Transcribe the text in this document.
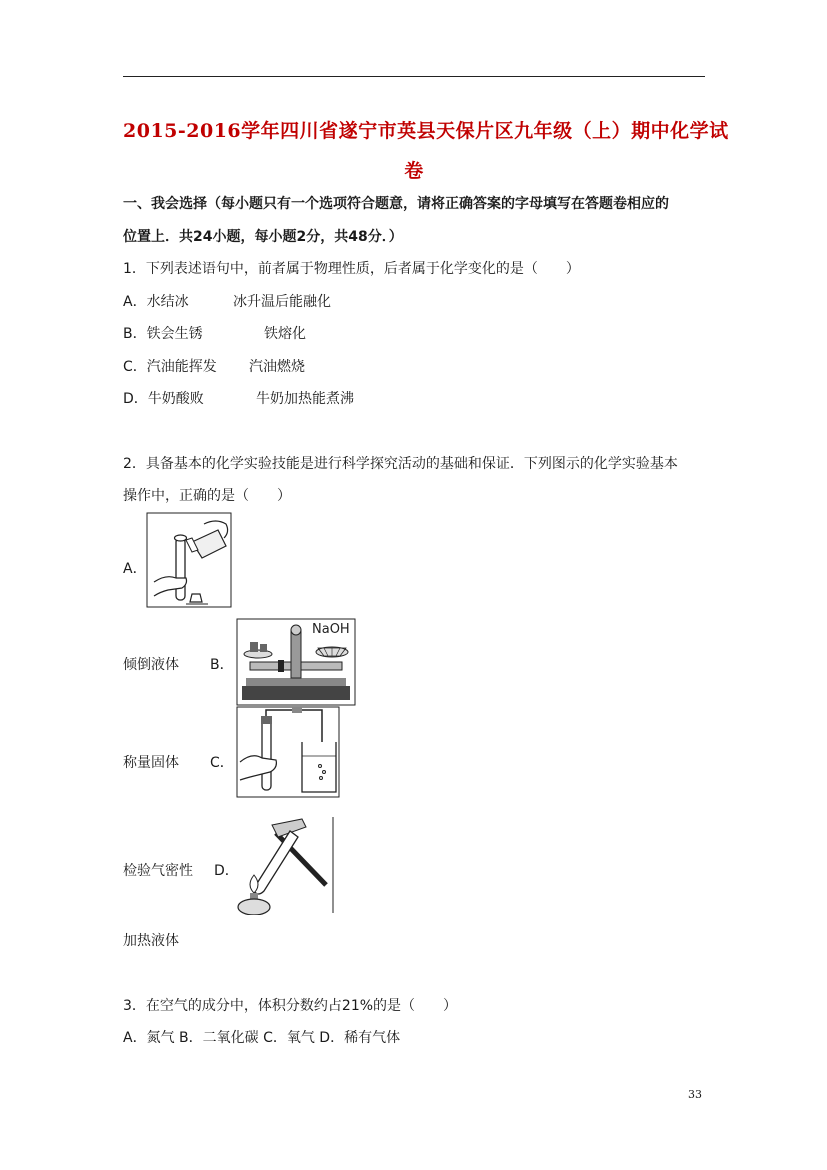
2015-2016学年四川省遂宁市英县天保片区九年级（上）期中化学试
卷
一、我会选择（每小题只有一个选项符合题意，请将正确答案的字母填写在答题卷相应的
位置上．共24小题，每小题2分，共48分．）
1．下列表述语句中，前者属于物理性质，后者属于化学变化的是（　　）
A．水结冰	冰升温后能融化
B．铁会生锈	铁熔化
C．汽油能挥发 汽油燃烧
D．牛奶酸败	牛奶加热能煮沸
2．具备基本的化学实验技能是进行科学探究活动的基础和保证．下列图示的化学实验基本
操作中，正确的是（　　）
A．
倾倒液体 B．
NaOH
称量固体 C．
检验气密性 D．
加热液体
3．在空气的成分中，体积分数约占21%的是（　　）
A．氮气 B．二氧化碳 C．氧气 D．稀有气体
33
